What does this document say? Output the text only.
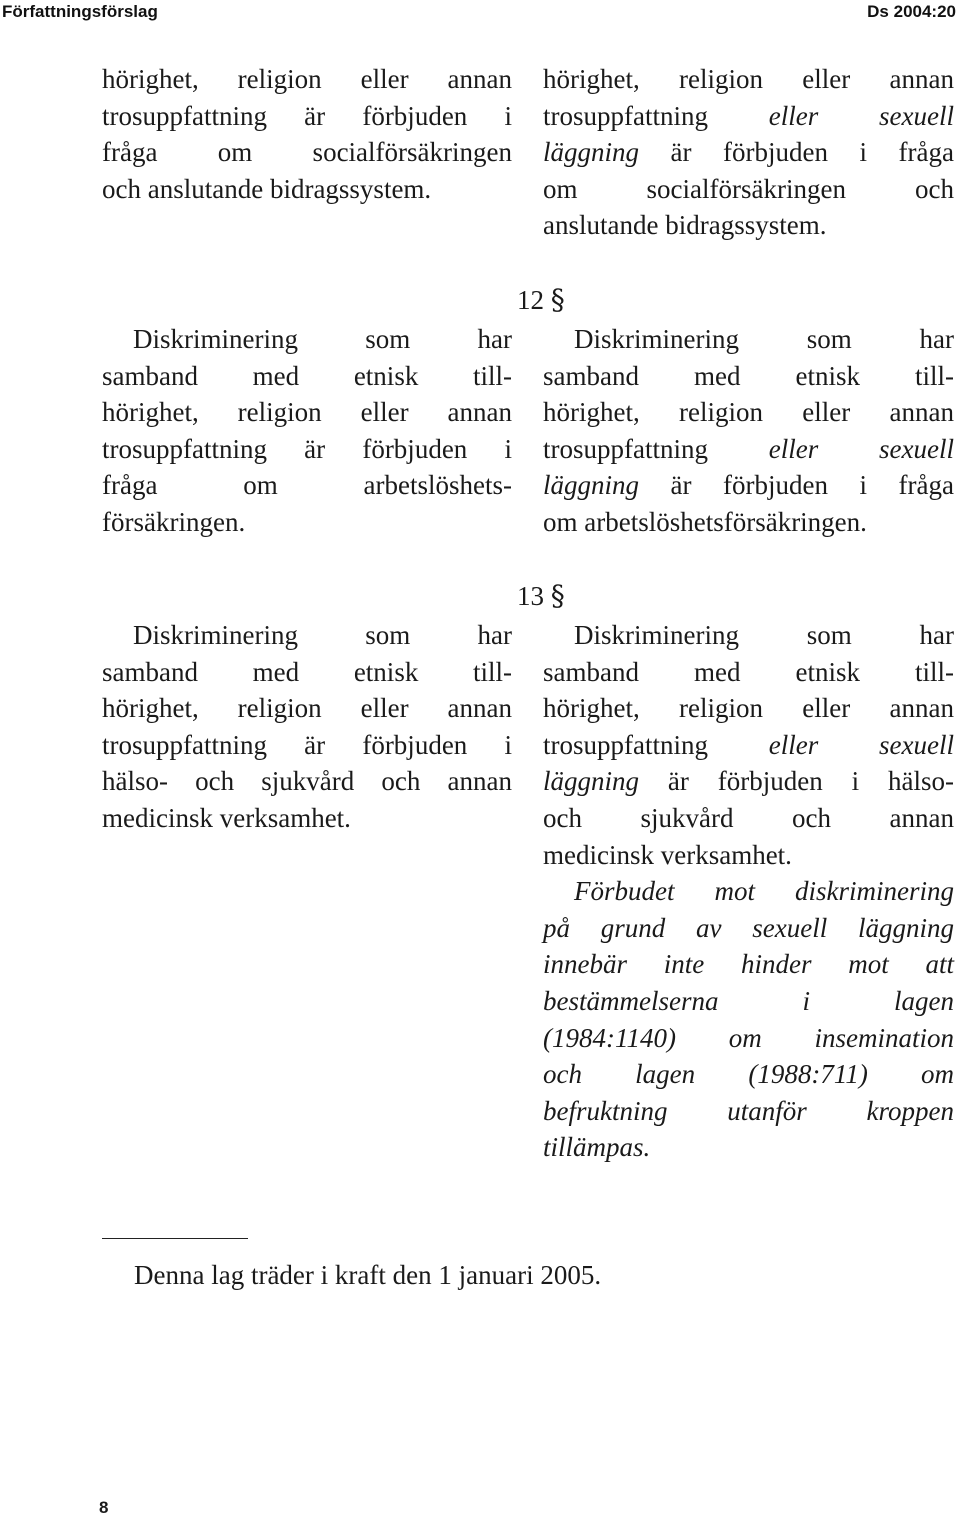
Författningsförslag	Ds 2004:20
hörighet, religion eller annan
trosuppfattning är förbjuden i
fråga om socialförsäkringen
och anslutande bidragssystem.
hörighet, religion eller annan
trosuppfattning eller sexuell
läggning är förbjuden i fråga
om socialförsäkringen och
anslutande bidragssystem.
12 §
Diskriminering som har
samband med etnisk till-
hörighet, religion eller annan
trosuppfattning är förbjuden i
fråga om arbetslöshets-
försäkringen.
Diskriminering som har
samband med etnisk till-
hörighet, religion eller annan
trosuppfattning eller sexuell
läggning är förbjuden i fråga
om arbetslöshetsförsäkringen.
13 §
Diskriminering som har
samband med etnisk till-
hörighet, religion eller annan
trosuppfattning är förbjuden i
hälso- och sjukvård och annan
medicinsk verksamhet.
Diskriminering som har
samband med etnisk till-
hörighet, religion eller annan
trosuppfattning eller sexuell
läggning är förbjuden i hälso-
och sjukvård och annan
medicinsk verksamhet.
Förbudet mot diskriminering
på grund av sexuell läggning
innebär inte hinder mot att
bestämmelserna i lagen
(1984:1140) om insemination
och lagen (1988:711) om
befruktning utanför kroppen
tillämpas.
Denna lag träder i kraft den 1 januari 2005.
8
